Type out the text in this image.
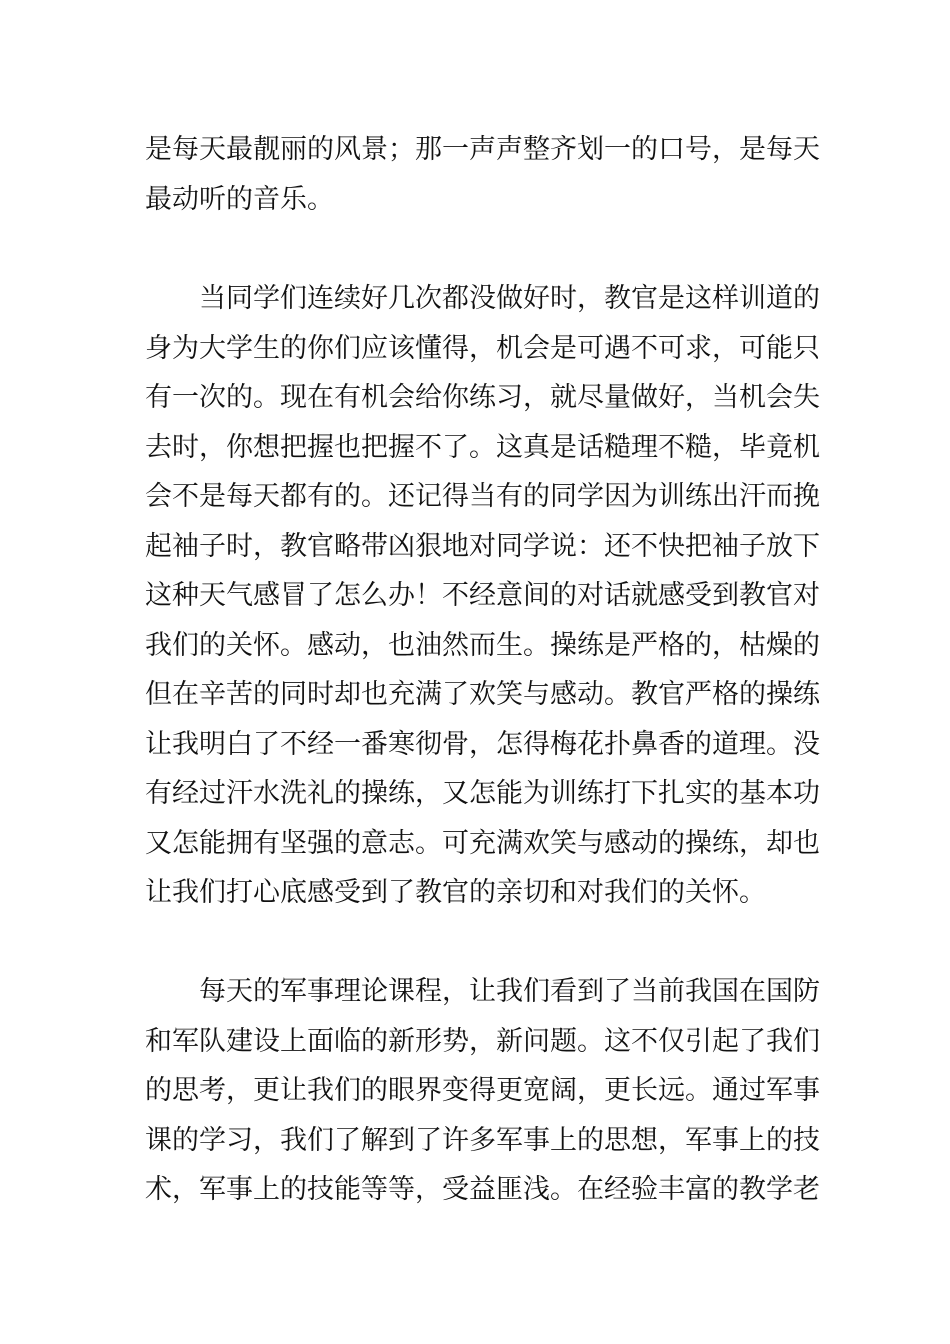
是每天最靓丽的风景；那一声声整齐划一的口号，是每天
最动听的音乐。
当同学们连续好几次都没做好时，教官是这样训道的
身为大学生的你们应该懂得，机会是可遇不可求，可能只
有一次的。现在有机会给你练习，就尽量做好，当机会失
去时，你想把握也把握不了。这真是话糙理不糙，毕竟机
会不是每天都有的。还记得当有的同学因为训练出汗而挽
起袖子时，教官略带凶狠地对同学说：还不快把袖子放下
这种天气感冒了怎么办！不经意间的对话就感受到教官对
我们的关怀。感动，也油然而生。操练是严格的，枯燥的
但在辛苦的同时却也充满了欢笑与感动。教官严格的操练
让我明白了不经一番寒彻骨，怎得梅花扑鼻香的道理。没
有经过汗水洗礼的操练，又怎能为训练打下扎实的基本功
又怎能拥有坚强的意志。可充满欢笑与感动的操练，却也
让我们打心底感受到了教官的亲切和对我们的关怀。
每天的军事理论课程，让我们看到了当前我国在国防
和军队建设上面临的新形势，新问题。这不仅引起了我们
的思考，更让我们的眼界变得更宽阔，更长远。通过军事
课的学习，我们了解到了许多军事上的思想，军事上的技
术，军事上的技能等等，受益匪浅。在经验丰富的教学老
